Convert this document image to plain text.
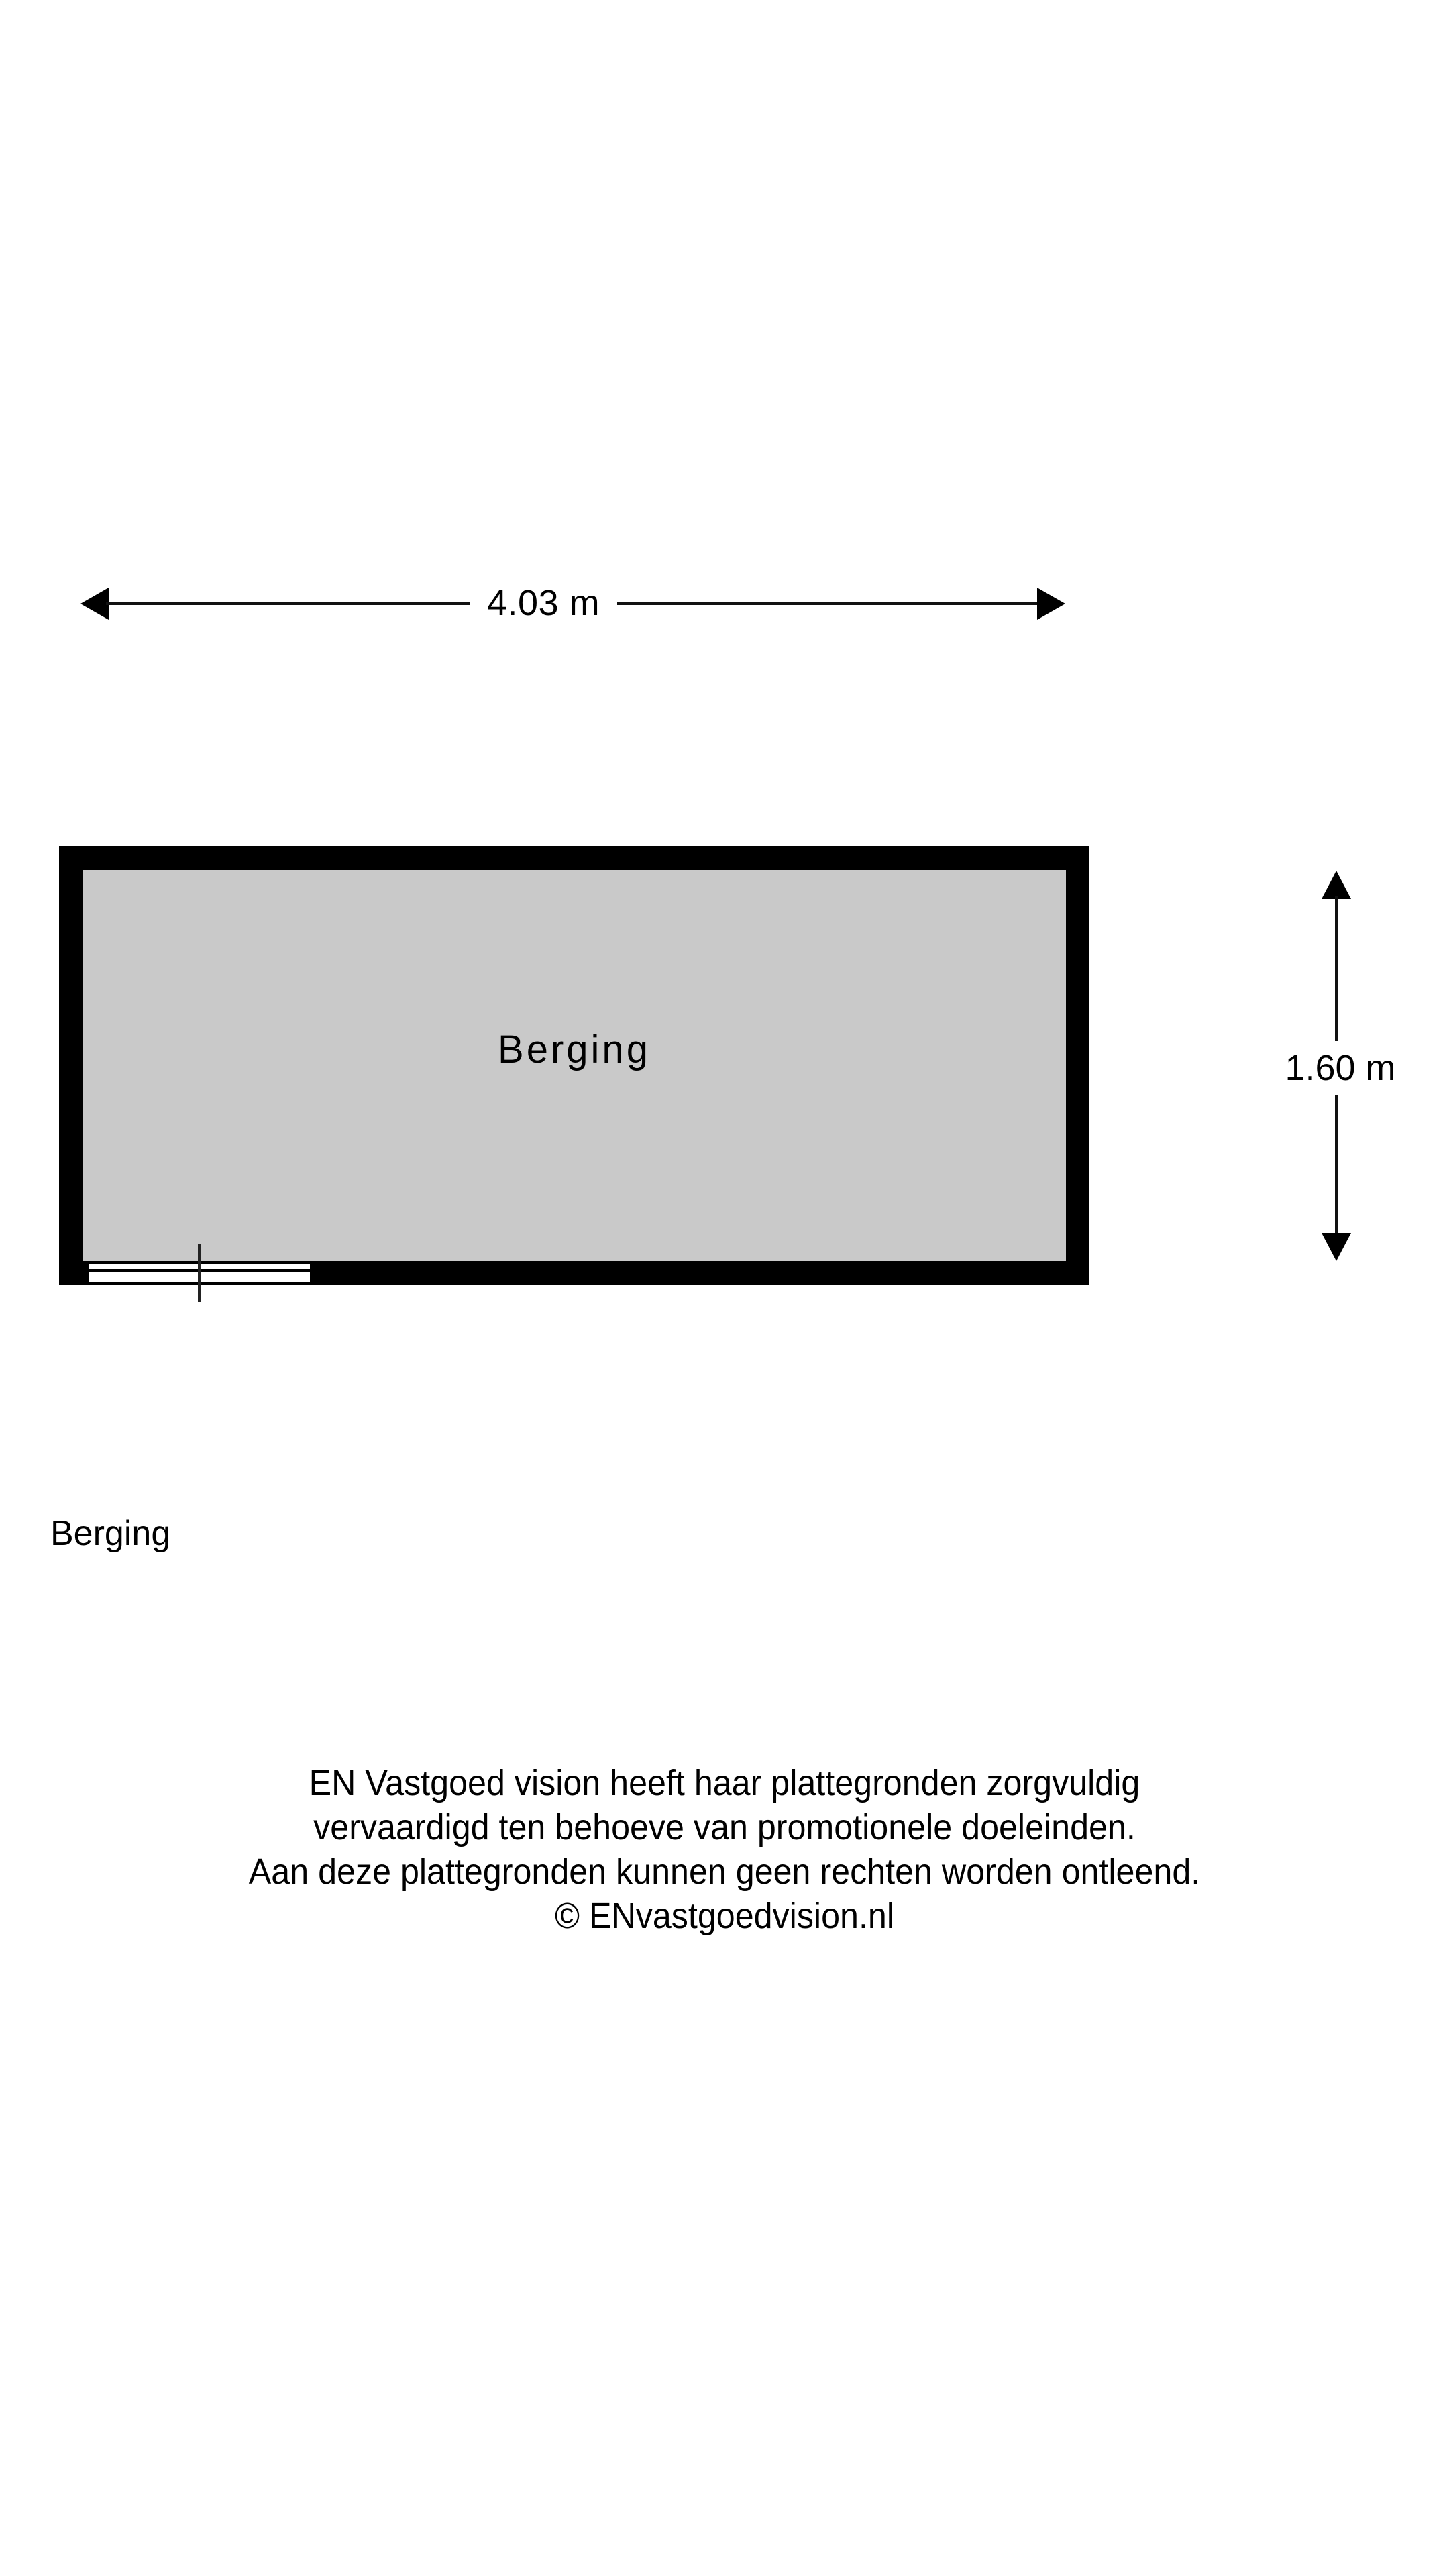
4.03 m
Berging	1.60 m
Berging
EN Vastgoed vision heeft haar plattegronden zorgvuldig
vervaardigd ten behoeve van promotionele doeleinden.
Aan deze plattegronden kunnen geen rechten worden ontleend.
© ENvastgoedvision.nl
